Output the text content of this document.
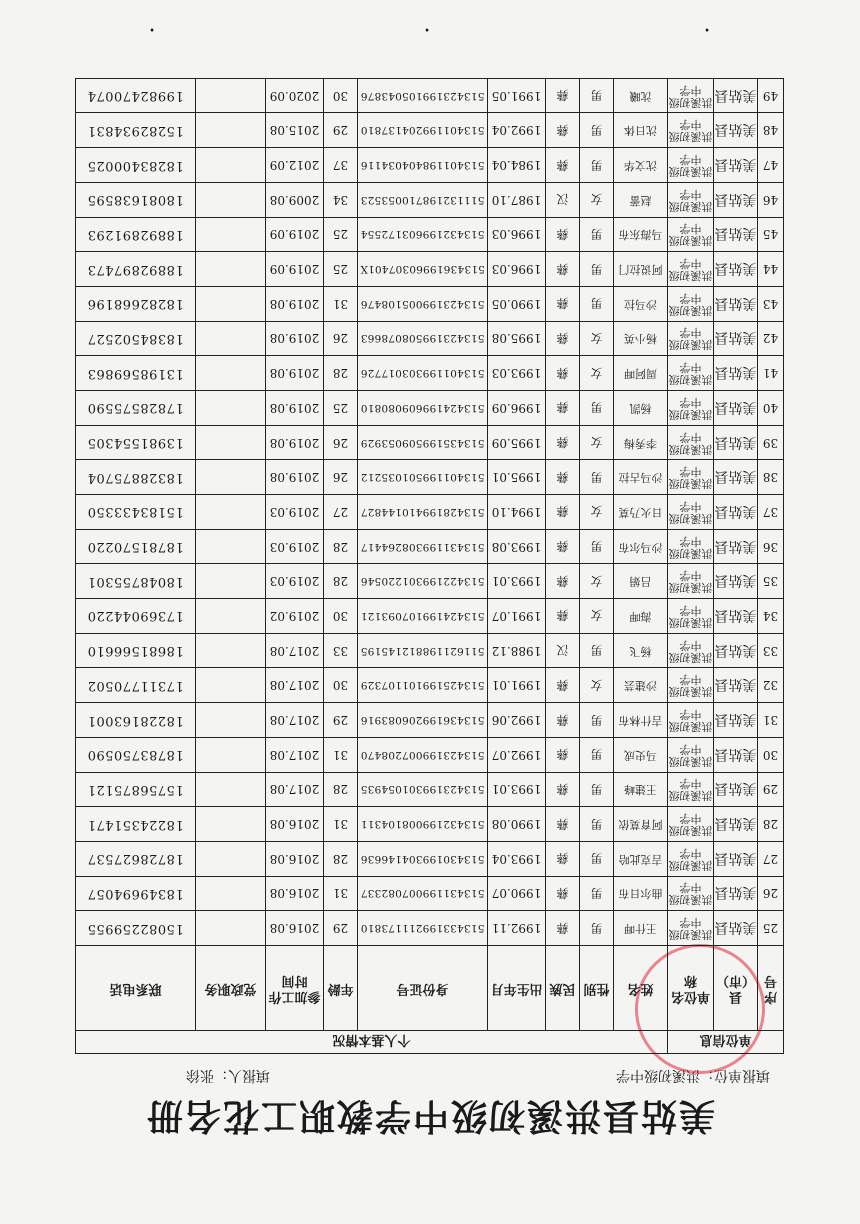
美姑县洪溪初级中学教职工花名册
填报单位：洪溪初级中学
填报人：张徐
单位信息			个人基本情况								
序号	县（市）	单位名称	姓名	性别	民族	出生年月	身份证号	年龄	参加工作时间	党政职务	联系电话
25	美姑县	洪溪初级中学	王什呷	男	彝	1992.11	513433199211173810	29	2016.08		15082259955
26	美姑县	洪溪初级中学	曲尔日布	男	彝	1990.07	513431199007082337	31	2016.08		18349694057
27	美姑县	洪溪初级中学	吉克此哈	男	彝	1993.04	513430199304146636	28	2016.08		18728627537
28	美姑县	洪溪初级中学	阿育莫依	男	彝	1990.08	513432199008104311	31	2016.08		18224351471
29	美姑县	洪溪初级中学	王建峰	男	彝	1993.01	513423199301054935	28	2017.08		15756875121
30	美姑县	洪溪初级中学	马史成	男	彝	1992.07	513423199007208470	31	2017.08		18783750590
31	美姑县	洪溪初级中学	吉什林布	男	彝	1992.06	513436199206083916	29	2017.08		18228163001
32	美姑县	洪溪初级中学	沙建芸	女	彝	1991.01	513425199101107329	30	2017.08		17311770502
33	美姑县	洪溪初级中学	杨飞	男	汉	1988.12	511621198812145195	33	2017.08		18681566610
34	美姑县	洪溪初级中学	海呷	女	彝	1991.07	513424199107093121	30	2019.02		17369044220
35	美姑县	洪溪初级中学	吕娟	女	彝	1993.01	513422199301220546	28	2019.03		18048755301
36	美姑县	洪溪初级中学	沙马尔布	男	彝	1993.08	513431199308264417	28	2019.03		18781570220
37	美姑县	洪溪初级中学	日火乃莫	女	彝	1994.10	513428199410144827	27	2019.03		15183433350
38	美姑县	洪溪初级中学	沙马古拉	男	彝	1995.01	513401199501035212	26	2019.08		18328875704
39	美姑县	洪溪初级中学	李秀梅	女	彝	1995.09	513435199509053929	26	2019.08		13981554305
40	美姑县	洪溪初级中学	杨凯	男	彝	1996.09	513424199609080810	25	2019.08		17828575590
41	美姑县	洪溪初级中学	周阿呷	女	彝	1993.03	513401199303017726	28	2019.08		13198569863
42	美姑县	洪溪初级中学	杨小英	女	彝	1995.08	513423199508078663	26	2019.08		18384502527
43	美姑县	洪溪初级中学	沙马拉	男	彝	1990.05	513423199005108476	31	2019.08		18282668196
44	美姑县	洪溪初级中学	阿说拉门	男	彝	1996.03	51343619960307401X	25	2019.09		18892897473
45	美姑县	洪溪初级中学	马海东布	男	彝	1996.03	513432199603172554	25	2019.09		18892891293
46	美姑县	洪溪初级中学	赵蕾	女	汉	1987.10	511132198710053523	34	2009.08		18081638595
47	美姑县	洪溪初级中学	沈文华	男	彝	1984.04	513401198404034116	37	2012.09		18283400025
48	美姑县	洪溪初级中学	沈日体	男	彝	1992.04	513401199204137810	29	2015.08		15282934831
49	美姑县	洪溪初级中学	沈曦	男	彝	1991.05	513423199105043876	30	2020.09		19982470074
•
•
•
